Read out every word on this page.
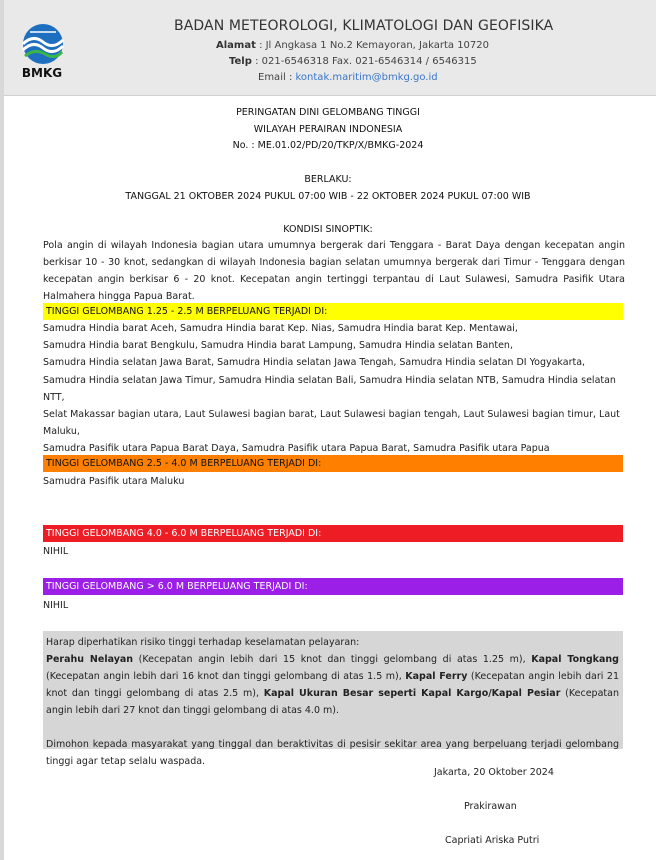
BMKG
BADAN METEOROLOGI, KLIMATOLOGI DAN GEOFISIKA
Alamat : Jl Angkasa 1 No.2 Kemayoran, Jakarta 10720
Telp : 021-6546318 Fax. 021-6546314 / 6546315
Email : kontak.maritim@bmkg.go.id
PERINGATAN DINI GELOMBANG TINGGI
WILAYAH PERAIRAN INDONESIA
No. : ME.01.02/PD/20/TKP/X/BMKG-2024
BERLAKU:
TANGGAL 21 OKTOBER 2024 PUKUL 07:00 WIB - 22 OKTOBER 2024 PUKUL 07:00 WIB
KONDISI SINOPTIK:
Pola angin di wilayah Indonesia bagian utara umumnya bergerak dari Tenggara - Barat Daya dengan kecepatan angin berkisar 10 - 30 knot, sedangkan di wilayah Indonesia bagian selatan umumnya bergerak dari Timur - Tenggara dengan kecepatan angin berkisar 6 - 20 knot. Kecepatan angin tertinggi terpantau di Laut Sulawesi, Samudra Pasifik Utara Halmahera hingga Papua Barat.
TINGGI GELOMBANG 1.25 - 2.5 M BERPELUANG TERJADI DI:
Samudra Hindia barat Aceh, Samudra Hindia barat Kep. Nias, Samudra Hindia barat Kep. Mentawai,
Samudra Hindia barat Bengkulu, Samudra Hindia barat Lampung, Samudra Hindia selatan Banten,
Samudra Hindia selatan Jawa Barat, Samudra Hindia selatan Jawa Tengah, Samudra Hindia selatan DI Yogyakarta,
Samudra Hindia selatan Jawa Timur, Samudra Hindia selatan Bali, Samudra Hindia selatan NTB, Samudra Hindia selatan NTT,
Selat Makassar bagian utara, Laut Sulawesi bagian barat, Laut Sulawesi bagian tengah, Laut Sulawesi bagian timur, Laut Maluku,
Samudra Pasifik utara Papua Barat Daya, Samudra Pasifik utara Papua Barat, Samudra Pasifik utara Papua
TINGGI GELOMBANG 2.5 - 4.0 M BERPELUANG TERJADI DI:
Samudra Pasifik utara Maluku
TINGGI GELOMBANG 4.0 - 6.0 M BERPELUANG TERJADI DI:
NIHIL
TINGGI GELOMBANG > 6.0 M BERPELUANG TERJADI DI:
NIHIL
Harap diperhatikan risiko tinggi terhadap keselamatan pelayaran:
Perahu Nelayan (Kecepatan angin lebih dari 15 knot dan tinggi gelombang di atas 1.25 m), Kapal Tongkang (Kecepatan angin lebih dari 16 knot dan tinggi gelombang di atas 1.5 m), Kapal Ferry (Kecepatan angin lebih dari 21 knot dan tinggi gelombang di atas 2.5 m), Kapal Ukuran Besar seperti Kapal Kargo/Kapal Pesiar (Kecepatan angin lebih dari 27 knot dan tinggi gelombang di atas 4.0 m).
Dimohon kepada masyarakat yang tinggal dan beraktivitas di pesisir sekitar area yang berpeluang terjadi gelombang tinggi agar tetap selalu waspada.
Jakarta, 20 Oktober 2024
Prakirawan
Capriati Ariska Putri
